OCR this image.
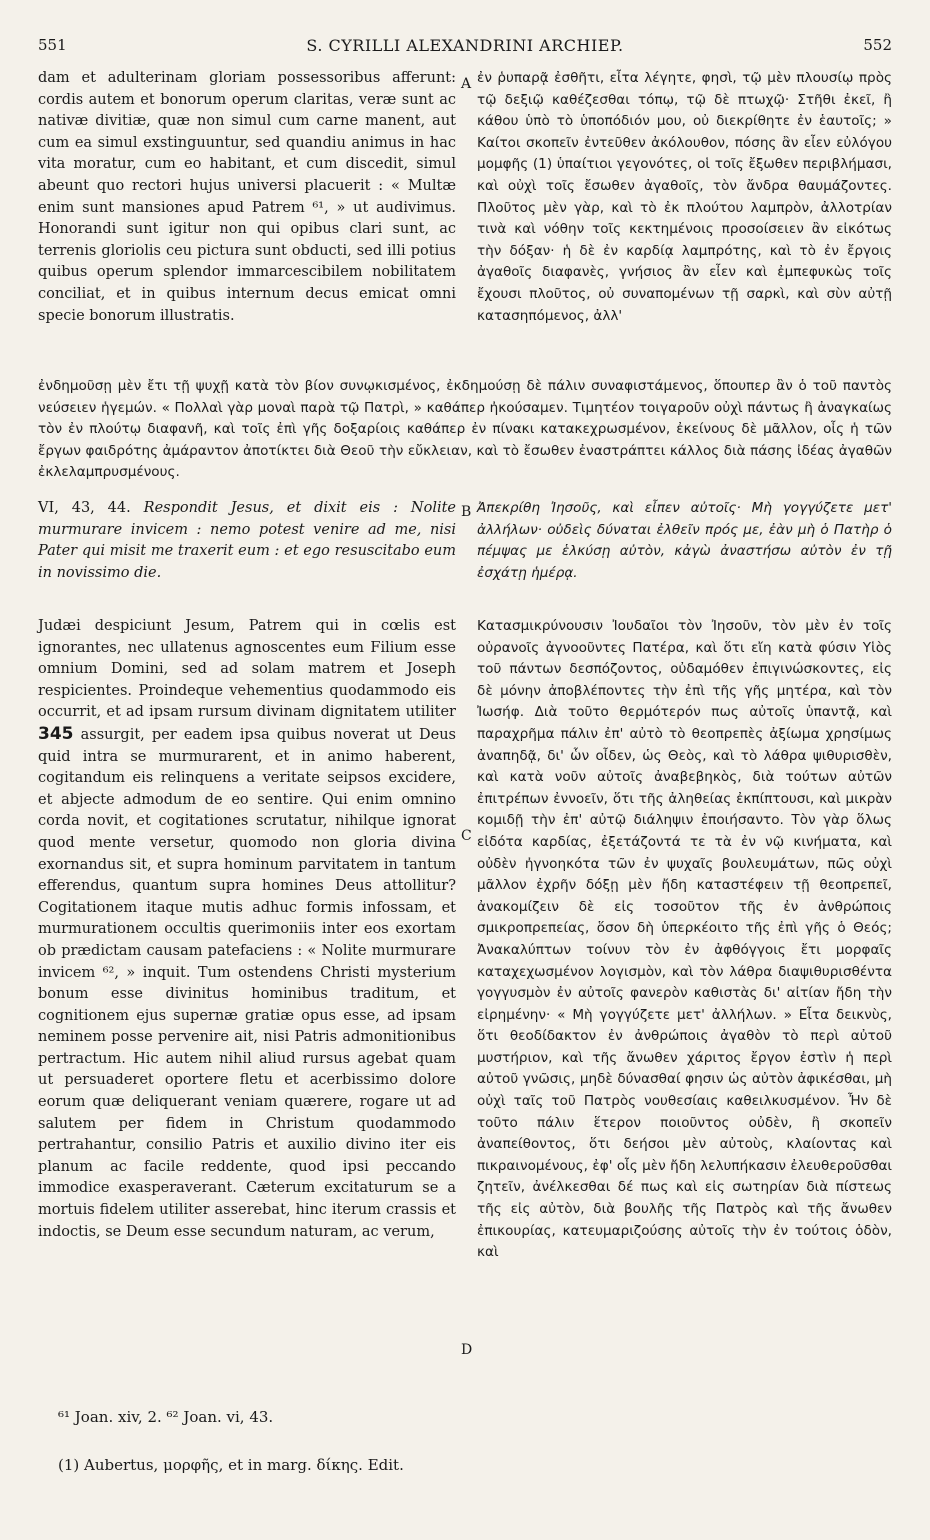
551	S. CYRILLI ALEXANDRINI ARCHIEP.	552

dam et adulterinam gloriam possessoribus afferunt: cordis autem et bonorum operum claritas, veræ sunt ac nativæ divitiæ, quæ non simul cum carne manent, aut cum ea simul exstinguuntur, sed quandiu animus in hac vita moratur, cum eo habitant, et cum discedit, simul abeunt quo rectori hujus universi placuerit : « Multæ enim sunt mansiones apud Patrem ⁶¹, » ut audivimus. Honorandi sunt igitur non qui opibus clari sunt, ac terrenis gloriolis ceu pictura sunt obducti, sed illi potius quibus operum splendor immarcescibilem nobilitatem conciliat, et in quibus internum decus emicat omni specie bonorum illustratis.

A ἐν ῥυπαρᾷ ἐσθῆτι, εἶτα λέγητε, φησὶ, τῷ μὲν πλουσίῳ πρὸς τῷ δεξιῷ καθέζεσθαι τόπῳ, τῷ δὲ πτωχῷ· Στῆθι ἐκεῖ, ἢ κάθου ὑπὸ τὸ ὑποπόδιόν μου, οὐ διεκρίθητε ἐν ἑαυτοῖς; » Καίτοι σκοπεῖν ἐντεῦθεν ἀκόλουθον, πόσης ἂν εἶεν εὐλόγου μομφῆς (1) ὑπαίτιοι γεγονότες, οἱ τοῖς ἔξωθεν περιβλήμασι, καὶ οὐχὶ τοῖς ἔσωθεν ἀγαθοῖς, τὸν ἄνδρα θαυμάζοντες. Πλοῦτος μὲν γὰρ, καὶ τὸ ἐκ πλούτου λαμπρὸν, ἀλλοτρίαν τινὰ καὶ νόθην τοῖς κεκτημένοις προσοίσειεν ἂν εἰκότως τὴν δόξαν· ἡ δὲ ἐν καρδίᾳ λαμπρότης, καὶ τὸ ἐν ἔργοις ἀγαθοῖς διαφανὲς, γνήσιος ἂν εἶεν καὶ ἐμπεφυκὼς τοῖς ἔχουσι πλοῦτος, οὐ συναπομένων τῇ σαρκὶ, καὶ σὺν αὐτῇ κατασηπόμενος, ἀλλ'

ἐνδημοῦσῃ μὲν ἔτι τῇ ψυχῇ κατὰ τὸν βίον συνῳκισμένος, ἐκδημούσῃ δὲ πάλιν συναφιστάμενος, ὅπουπερ ἂν ὁ τοῦ παντὸς νεύσειεν ἡγεμών. « Πολλαὶ γὰρ μοναὶ παρὰ τῷ Πατρὶ, » καθάπερ ἠκούσαμεν. Τιμητέον τοιγαροῦν οὐχὶ πάντως ἢ ἀναγκαίως τὸν ἐν πλούτῳ διαφανῆ, καὶ τοῖς ἐπὶ γῆς δοξαρίοις καθάπερ ἐν πίνακι κατακεχρωσμένον, ἐκείνους δὲ μᾶλλον, οἷς ἡ τῶν ἔργων φαιδρότης ἀμάραντον ἀποτίκτει διὰ Θεοῦ τὴν εὔκλειαν, καὶ τὸ ἔσωθεν ἐναστράπτει κάλλος διὰ πάσης ἰδέας ἀγαθῶν ἐκλελαμπρυσμένους.

VI, 43, 44. Respondit Jesus, et dixit eis : Nolite murmurare invicem : nemo potest venire ad me, nisi Pater qui misit me traxerit eum : et ego resuscitabo eum in novissimo die.

B Ἀπεκρίθη Ἰησοῦς, καὶ εἶπεν αὐτοῖς· Μὴ γογγύζετε μετ' ἀλλήλων· οὐδεὶς δύναται ἐλθεῖν πρός με, ἐὰν μὴ ὁ Πατὴρ ὁ πέμψας με ἑλκύσῃ αὐτὸν, κἀγὼ ἀναστήσω αὐτὸν ἐν τῇ ἐσχάτῃ ἡμέρᾳ.

Judæi despiciunt Jesum, Patrem qui in cœlis est ignorantes, nec ullatenus agnoscentes eum Filium esse omnium Domini, sed ad solam matrem et Joseph respicientes. Proindeque vehementius quodammodo eis occurrit, et ad ipsam rursum divinam dignitatem utiliter 345 assurgit, per eadem ipsa quibus noverat ut Deus quid intra se murmurarent, et in animo haberent, cogitandum eis relinquens a veritate seipsos excidere, et abjecte admodum de eo sentire. Qui enim omnino corda novit, et cogitationes scrutatur, nihilque ignorat quod mente versetur, quomodo non gloria divina exornandus sit, et supra hominum parvitatem in tantum efferendus, quantum supra homines Deus attollitur? Cogitationem itaque mutis adhuc formis infossam, et murmurationem occultis querimoniis inter eos exortam ob prædictam causam patefaciens : « Nolite murmurare invicem ⁶², » inquit. Tum ostendens Christi mysterium bonum esse divinitus hominibus traditum, et cognitionem ejus supernæ gratiæ opus esse, ad ipsam neminem posse pervenire ait, nisi Patris admonitionibus pertractum. Hic autem nihil aliud rursus agebat quam ut persuaderet oportere fletu et acerbissimo dolore eorum quæ deliquerant veniam quærere, rogare ut ad salutem per fidem in Christum quodammodo pertrahantur, consilio Patris et auxilio divino iter eis planum ac facile reddente, quod ipsi peccando immodice exasperaverant. Cæterum excitaturum se a mortuis fidelem utiliter asserebat, hinc iterum crassis et indoctis, se Deum esse secundum naturam, ac verum,

C
D

Κατασμικρύνουσιν Ἰουδαῖοι τὸν Ἰησοῦν, τὸν μὲν ἐν τοῖς οὐρανοῖς ἀγνοοῦντες Πατέρα, καὶ ὅτι εἴη κατὰ φύσιν Υἱὸς τοῦ πάντων δεσπόζοντος, οὐδαμόθεν ἐπιγινώσκοντες, εἰς δὲ μόνην ἀποβλέποντες τὴν ἐπὶ τῆς γῆς μητέρα, καὶ τὸν Ἰωσήφ. Διὰ τοῦτο θερμότερόν πως αὐτοῖς ὑπαντᾷ, καὶ παραχρῆμα πάλιν ἐπ' αὐτὸ τὸ θεοπρεπὲς ἀξίωμα χρησίμως ἀναπηδᾷ, δι' ὧν οἶδεν, ὡς Θεὸς, καὶ τὸ λάθρα ψιθυρισθὲν, καὶ κατὰ νοῦν αὐτοῖς ἀναβεβηκὸς, διὰ τούτων αὐτῶν ἐπιτρέπων ἐννοεῖν, ὅτι τῆς ἀληθείας ἐκπίπτουσι, καὶ μικρὰν κομιδῇ τὴν ἐπ' αὐτῷ διάληψιν ἐποιήσαντο. Τὸν γὰρ ὅλως εἰδότα καρδίας, ἐξετάζοντά τε τὰ ἐν νῷ κινήματα, καὶ οὐδὲν ἠγνοηκότα τῶν ἐν ψυχαῖς βουλευμάτων, πῶς οὐχὶ μᾶλλον ἐχρῆν δόξῃ μὲν ἤδη καταστέφειν τῇ θεοπρεπεῖ, ἀνακομίζειν δὲ εἰς τοσοῦτον τῆς ἐν ἀνθρώποις σμικροπρεπείας, ὅσον δὴ ὑπερκέοιτο τῆς ἐπὶ γῆς ὁ Θεός; Ἀνακαλύπτων τοίνυν τὸν ἐν ἀφθόγγοις ἔτι μορφαῖς καταχεχωσμένον λογισμὸν, καὶ τὸν λάθρα διαψιθυρισθέντα γογγυσμὸν ἐν αὐτοῖς φανερὸν καθιστὰς δι' αἰτίαν ἤδη τὴν εἰρημένην· « Μὴ γογγύζετε μετ' ἀλλήλων. » Εἶτα δεικνὺς, ὅτι θεοδίδακτον ἐν ἀνθρώποις ἀγαθὸν τὸ περὶ αὐτοῦ μυστήριον, καὶ τῆς ἄνωθεν χάριτος ἔργον ἐστὶν ἡ περὶ αὐτοῦ γνῶσις, μηδὲ δύνασθαί φησιν ὡς αὐτὸν ἀφικέσθαι, μὴ οὐχὶ ταῖς τοῦ Πατρὸς νουθεσίαις καθειλκυσμένον. Ἦν δὲ τοῦτο πάλιν ἕτερον ποιοῦντος οὐδὲν, ἢ σκοπεῖν ἀναπείθοντος, ὅτι δεήσοι μὲν αὐτοὺς, κλαίοντας καὶ πικραινομένους, ἐφ' οἷς μὲν ἤδη λελυπήκασιν ἐλευθεροῦσθαι ζητεῖν, ἀνέλκεσθαι δέ πως καὶ εἰς σωτηρίαν διὰ πίστεως τῆς εἰς αὐτὸν, διὰ βουλῆς τῆς Πατρὸς καὶ τῆς ἄνωθεν ἐπικουρίας, κατευμαριζούσης αὐτοῖς τὴν ἐν τούτοις ὁδὸν, καὶ

⁶¹ Joan. xiv, 2. ⁶² Joan. vi, 43.
(1) Aubertus, μορφῆς, et in marg. δίκης. Edit.
